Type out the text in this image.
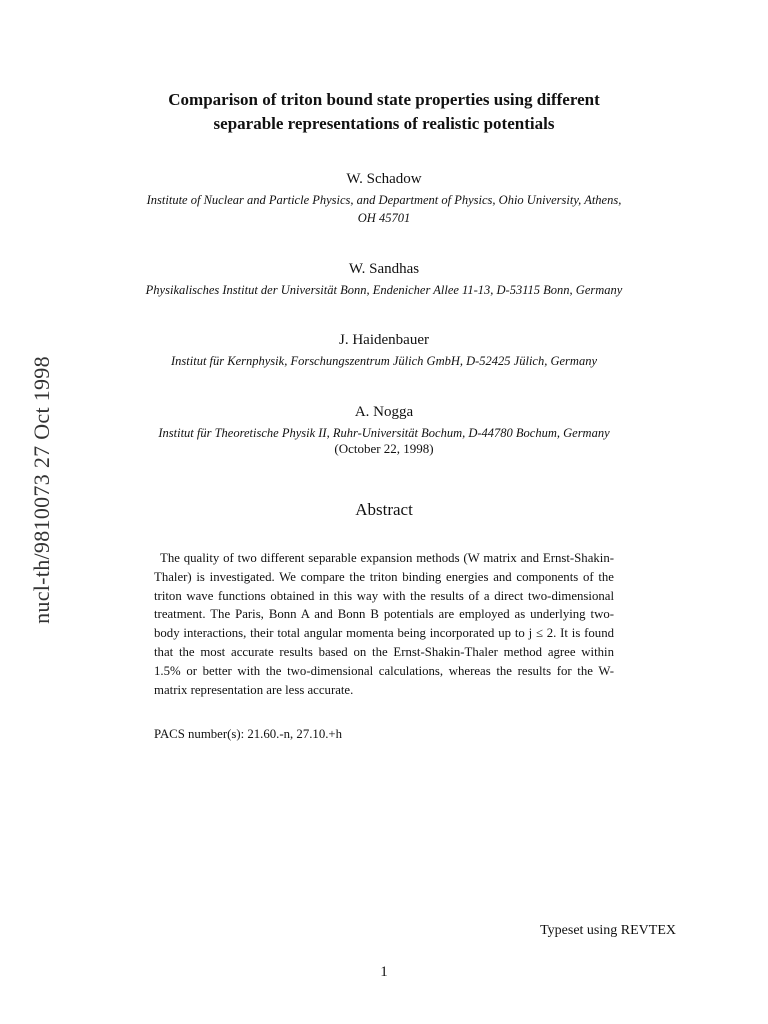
nucl-th/9810073 27 Oct 1998
Comparison of triton bound state properties using different
separable representations of realistic potentials
W. Schadow
Institute of Nuclear and Particle Physics, and Department of Physics, Ohio University, Athens,
OH 45701
W. Sandhas
Physikalisches Institut der Universität Bonn, Endenicher Allee 11-13, D-53115 Bonn, Germany
J. Haidenbauer
Institut für Kernphysik, Forschungszentrum Jülich GmbH, D-52425 Jülich, Germany
A. Nogga
Institut für Theoretische Physik II, Ruhr-Universität Bochum, D-44780 Bochum, Germany
(October 22, 1998)
Abstract

The quality of two different separable expansion methods (W matrix and Ernst-Shakin-Thaler) is investigated. We compare the triton binding energies and components of the triton wave functions obtained in this way with the results of a direct two-dimensional treatment. The Paris, Bonn A and Bonn B potentials are employed as underlying two-body interactions, their total angular momenta being incorporated up to j ≤ 2. It is found that the most accurate results based on the Ernst-Shakin-Thaler method agree within 1.5% or better with the two-dimensional calculations, whereas the results for the W-matrix representation are less accurate.

PACS number(s): 21.60.-n, 27.10.+h
Typeset using REVTEX
1
